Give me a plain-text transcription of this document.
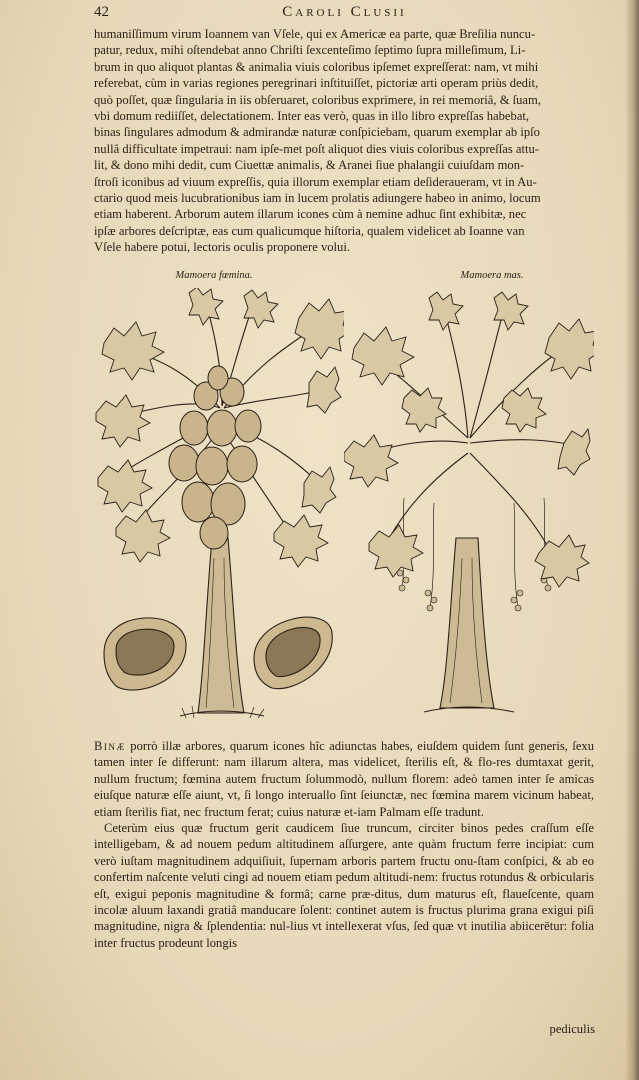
42	Caroli Clusii

humaniſſimum virum Ioannem van Vſele, qui ex Americæ ea parte, quæ Breſilia nuncu-

patur, redux, mihi oſtendebat anno Chriſti ſexcenteſimo ſeptimo ſupra milleſimum, Li-

brum in quo aliquot plantas & animalia viuis coloribus ipſemet expreſſerat: nam, vt mihi

referebat, cùm in varias regiones peregrinari inſtituiſſet, pictoriæ arti operam priùs dedit,

quò poſſet, quæ ſingularia in iis obſeruaret, coloribus exprimere, in rei memoriâ, & ſuam,

vbi domum rediiſſet, delectationem. Inter eas verò, quas in illo libro expreſſas habebat,

binas ſingulares admodum & admirandæ naturæ conſpiciebam, quarum exemplar ab ipſo

nullâ difficultate impetraui: nam ipſe-met poſt aliquot dies viuis coloribus expreſſas attu-

lit, & dono mihi dedit, cum Ciuettæ animalis, & Aranei ſiue phalangii cuiuſdam mon-

ſtroſi iconibus ad viuum expreſſis, quia illorum exemplar etiam deſideraueram, vt in Au-

ctario quod meis lucubrationibus iam in lucem prolatis adiungere habeo in animo, locum

etiam haberent. Arborum autem illarum icones cùm à nemine adhuc ſint exhibitæ, nec

ipſæ arbores deſcriptæ, eas cum qualicumque hiſtoria, qualem videlicet ab Ioanne van

Vſele habere potui, lectoris oculis proponere volui.

Mamoera fœmina.	Mamoera mas.

Binæ porrò illæ arbores, quarum icones hîc adiunctas habes, eiuſdem quidem ſunt generis, ſexu tamen inter ſe differunt: nam illarum altera, mas videlicet, ſterilis eſt, & flo-res dumtaxat gerit, nullum fructum; fœmina autem fructum ſolummodò, nullum florem: adeò tamen inter ſe amicas eiuſque naturæ eſſe aiunt, vt, ſi longo interuallo ſint ſeiunctæ, nec fœmina marem vicinum habeat, etiam ſterilis fiat, nec fructum ferat; cuius naturæ et-iam Palmam eſſe tradunt.

Ceterùm eius quæ fructum gerit caudicem ſiue truncum, circiter binos pedes craſſum eſſe intelligebam, & ad nouem pedum altitudinem aſſurgere, ante quàm fructum ferre incipiat: cum verò iuſtam magnitudinem adquiſiuit, ſupernam arboris partem fructu onu-ſtam conſpici, & ab eo confertim naſcente veluti cingi ad nouem etiam pedum altitudi-nem: fructus rotundus & orbicularis eſt, exigui peponis magnitudine & formâ; carne præ-ditus, dum maturus eſt, flaueſcente, quam incolæ aluum laxandi gratiâ manducare ſolent: continet autem is fructus plurima grana exigui piſi magnitudine, nigra & ſplendentia: nul-lius vt intellexerat vſus, ſed quæ vt inutilia abiicerētur: folia inter fructus prodeunt longis

pediculis
